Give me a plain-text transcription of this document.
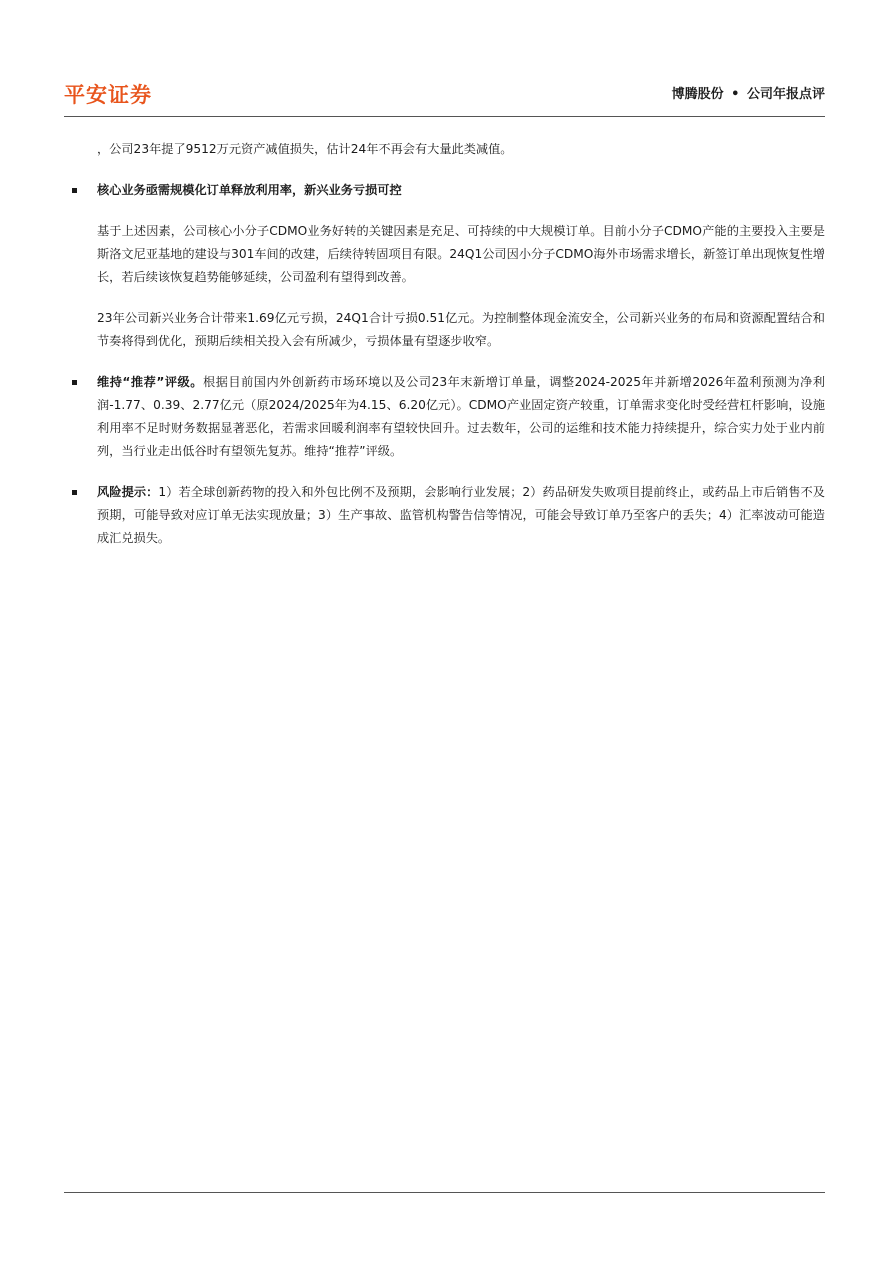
平安证券	博腾股份 • 公司年报点评

，公司23年提了9512万元资产减值损失，估计24年不再会有大量此类减值。

核心业务亟需规模化订单释放利用率，新兴业务亏损可控

基于上述因素，公司核心小分子CDMO业务好转的关键因素是充足、可持续的中大规模订单。目前小分子CDMO产能的主要投入主要是斯洛文尼亚基地的建设与301车间的改建，后续待转固项目有限。24Q1公司因小分子CDMO海外市场需求增长，新签订单出现恢复性增长，若后续该恢复趋势能够延续，公司盈利有望得到改善。

23年公司新兴业务合计带来1.69亿元亏损，24Q1合计亏损0.51亿元。为控制整体现金流安全，公司新兴业务的布局和资源配置结合和节奏将得到优化，预期后续相关投入会有所减少，亏损体量有望逐步收窄。

维持“推荐”评级。根据目前国内外创新药市场环境以及公司23年末新增订单量，调整2024-2025年并新增2026年盈利预测为净利润-1.77、0.39、2.77亿元（原2024/2025年为4.15、6.20亿元）。CDMO产业固定资产较重，订单需求变化时受经营杠杆影响，设施利用率不足时财务数据显著恶化，若需求回暖利润率有望较快回升。过去数年，公司的运维和技术能力持续提升，综合实力处于业内前列，当行业走出低谷时有望领先复苏。维持“推荐”评级。

风险提示：1）若全球创新药物的投入和外包比例不及预期，会影响行业发展；2）药品研发失败项目提前终止，或药品上市后销售不及预期，可能导致对应订单无法实现放量；3）生产事故、监管机构警告信等情况，可能会导致订单乃至客户的丢失；4）汇率波动可能造成汇兑损失。
